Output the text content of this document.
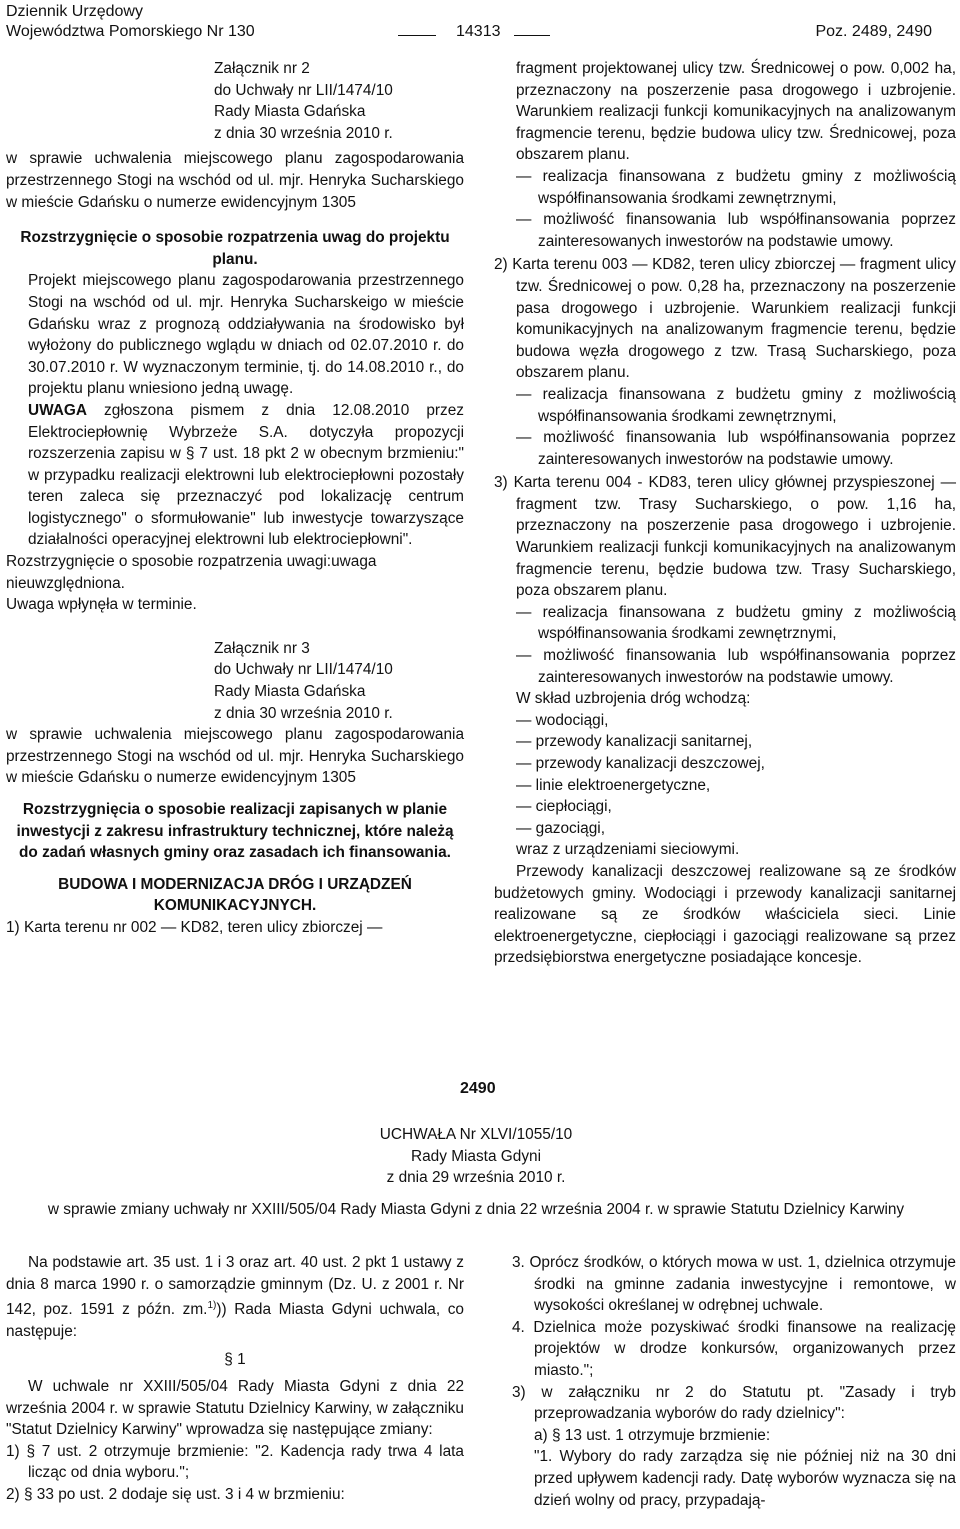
Dziennik Urzędowy
Województwa Pomorskiego Nr 130	14313	Poz. 2489, 2490

Załącznik nr 2

do Uchwały nr LII/1474/10

Rady Miasta Gdańska

z dnia 30 września 2010 r.

w sprawie uchwalenia miejscowego planu zagospodarowania przestrzennego Stogi na wschód od ul. mjr. Henryka Sucharskiego w mieście Gdańsku o numerze ewidencyjnym 1305

Rozstrzygnięcie o sposobie rozpatrzenia uwag do projektu planu.

Projekt miejscowego planu zagospodarowania przestrzennego Stogi na wschód od ul. mjr. Henryka Sucharskeigo w mieście Gdańsku wraz z prognozą oddziaływania na środowisko był wyłożony do publicznego wglądu w dniach od 02.07.2010 r. do 30.07.2010 r. W wyznaczonym terminie, tj. do 14.08.2010 r., do projektu planu wniesiono jedną uwagę.

UWAGA zgłoszona pismem z dnia 12.08.2010 przez Elektrociepłownię Wybrzeże S.A. dotyczyła propozycji rozszerzenia zapisu w § 7 ust. 18 pkt 2 w obecnym brzmieniu:" w przypadku realizacji elektrowni lub elektrociepłowni pozostały teren zaleca się przeznaczyć pod lokalizację centrum logistycznego" o sformułowanie" lub inwestycje towarzyszące działalności operacyjnej elektrowni lub elektrociepłowni".

Rozstrzygnięcie o sposobie rozpatrzenia uwagi:uwaga nieuwzględniona.

Uwaga wpłynęła w terminie.

Załącznik nr 3

do Uchwały nr LII/1474/10

Rady Miasta Gdańska

z dnia 30 września 2010 r.

w sprawie uchwalenia miejscowego planu zagospodarowania przestrzennego Stogi na wschód od ul. mjr. Henryka Sucharskiego w mieście Gdańsku o numerze ewidencyjnym 1305

Rozstrzygnięcia o sposobie realizacji zapisanych w planie inwestycji z zakresu infrastruktury technicznej, które należą do zadań własnych gminy oraz zasadach ich finansowania.

BUDOWA I MODERNIZACJA DRÓG I URZĄDZEŃ KOMUNIKACYJNYCH.

1) Karta terenu nr 002 — KD82, teren ulicy zbiorczej —

fragment projektowanej ulicy tzw. Średnicowej o pow. 0,002 ha, przeznaczony na poszerzenie pasa drogowego i uzbrojenie. Warunkiem realizacji funkcji komunikacyjnych na analizowanym fragmencie terenu, będzie budowa ulicy tzw. Średnicowej, poza obszarem planu.

— realizacja finansowana z budżetu gminy z możliwością współfinansowania środkami zewnętrznymi,

— możliwość finansowania lub współfinansowania poprzez zainteresowanych inwestorów na podstawie umowy.

2) Karta terenu 003 — KD82, teren ulicy zbiorczej — fragment ulicy tzw. Średnicowej o pow. 0,28 ha, przeznaczony na poszerzenie pasa drogowego i uzbrojenie. Warunkiem realizacji funkcji komunikacyjnych na analizowanym fragmencie terenu, będzie budowa węzła drogowego z tzw. Trasą Sucharskiego, poza obszarem planu.

— realizacja finansowana z budżetu gminy z możliwością współfinansowania środkami zewnętrznymi,

— możliwość finansowania lub współfinansowania poprzez zainteresowanych inwestorów na podstawie umowy.

3) Karta terenu 004 - KD83, teren ulicy głównej przyspieszonej — fragment tzw. Trasy Sucharskiego, o pow. 1,16 ha, przeznaczony na poszerzenie pasa drogowego i uzbrojenie. Warunkiem realizacji funkcji komunikacyjnych na analizowanym fragmencie terenu, będzie budowa tzw. Trasy Sucharskiego, poza obszarem planu.

— realizacja finansowana z budżetu gminy z możliwością współfinansowania środkami zewnętrznymi,

— możliwość finansowania lub współfinansowania poprzez zainteresowanych inwestorów na podstawie umowy.

W skład uzbrojenia dróg wchodzą:

— wodociągi,

— przewody kanalizacji sanitarnej,

— przewody kanalizacji deszczowej,

— linie elektroenergetyczne,

— ciepłociągi,

— gazociągi,

wraz z urządzeniami sieciowymi.

Przewody kanalizacji deszczowej realizowane są ze środków budżetowych gminy. Wodociągi i przewody kanalizacji sanitarnej realizowane są ze środków właściciela sieci. Linie elektroenergetyczne, ciepłociągi i gazociągi realizowane są przez przedsiębiorstwa energetyczne posiadające koncesje.

2490

UCHWAŁA Nr XLVI/1055/10

Rady Miasta Gdyni

z dnia 29 września 2010 r.

w sprawie zmiany uchwały nr XXIII/505/04 Rady Miasta Gdyni z dnia 22 września 2004 r. w sprawie Statutu Dzielnicy Karwiny

Na podstawie art. 35 ust. 1 i 3 oraz art. 40 ust. 2 pkt 1 ustawy z dnia 8 marca 1990 r. o samorządzie gminnym (Dz. U. z 2001 r. Nr 142, poz. 1591 z późn. zm.$^{1)}$)) Rada Miasta Gdyni uchwala, co następuje:

§ 1

W uchwale nr XXIII/505/04 Rady Miasta Gdyni z dnia 22 września 2004 r. w sprawie Statutu Dzielnicy Karwiny, w załączniku "Statut Dzielnicy Karwiny" wprowadza się następujące zmiany:

1) § 7 ust. 2 otrzymuje brzmienie: "2. Kadencja rady trwa 4 lata licząc od dnia wyboru.";

2) § 33 po ust. 2 dodaje się ust. 3 i 4 w brzmieniu:

3. Oprócz środków, o których mowa w ust. 1, dzielnica otrzymuje środki na gminne zadania inwestycyjne i remontowe, w wysokości określanej w odrębnej uchwale.

4. Dzielnica może pozyskiwać środki finansowe na realizację projektów w drodze konkursów, organizowanych przez miasto.";

3) w załączniku nr 2 do Statutu pt. "Zasady i tryb przeprowadzania wyborów do rady dzielnicy":

a) § 13 ust. 1 otrzymuje brzmienie:

"1. Wybory do rady zarządza się nie później niż na 30 dni przed upływem kadencji rady. Datę wyborów wyznacza się na dzień wolny od pracy, przypadają-
